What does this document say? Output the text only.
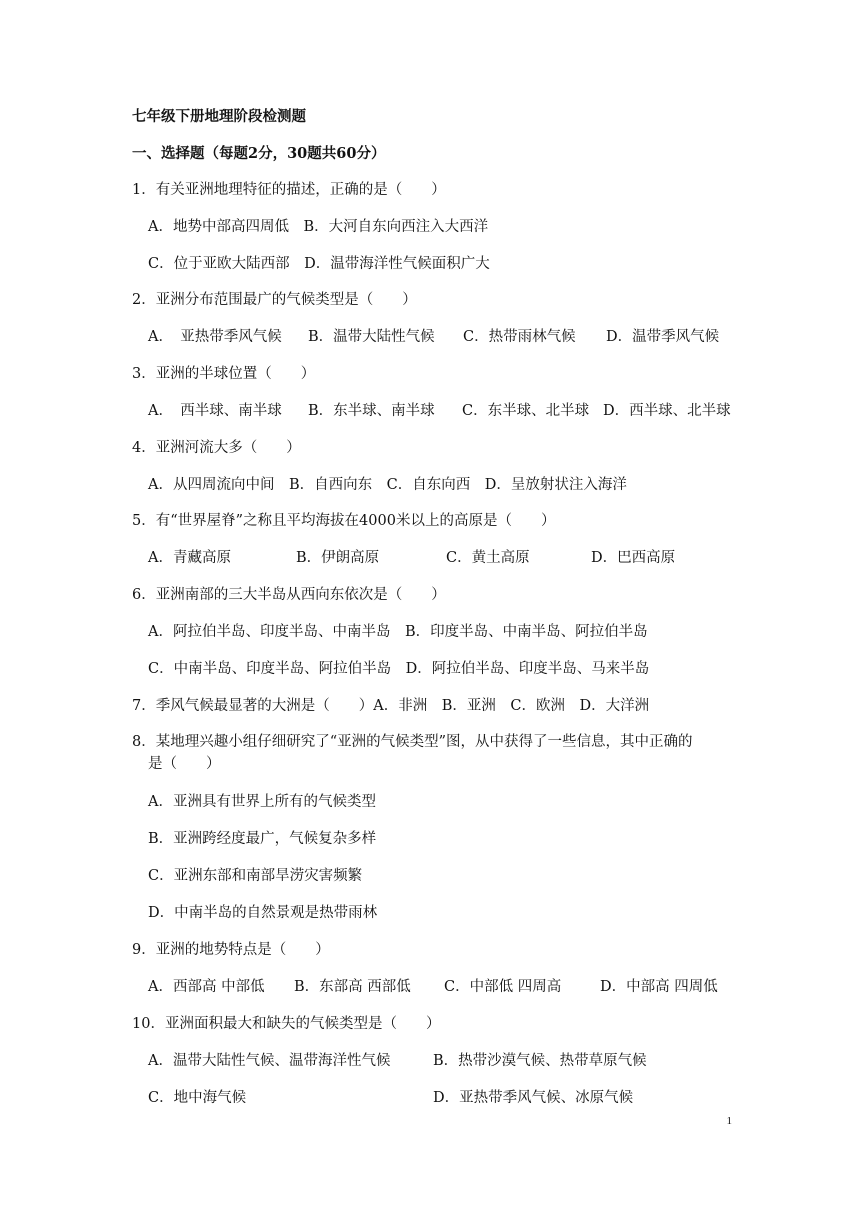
七年级下册地理阶段检测题
一、选择题（每题2分，30题共60分）
1．有关亚洲地理特征的描述，正确的是（　　）
A．地势中部高四周低　B．大河自东向西注入大西洋
C．位于亚欧大陆西部　D．温带海洋性气候面积广大
2．亚洲分布范围最广的气候类型是（　　）
A．　亚热带季风气候 B．温带大陆性气候 C．热带雨林气候 D．温带季风气候
3．亚洲的半球位置（　　）
A．　西半球、南半球 B．东半球、南半球 C．东半球、北半球 D．西半球、北半球
4．亚洲河流大多（　　）
A．从四周流向中间　B．自西向东　C．自东向西　D．呈放射状注入海洋
5．有“世界屋脊”之称且平均海拔在4000米以上的高原是（　　）
A．青藏高原	B．伊朗高原	C．黄土高原	D．巴西高原
6．亚洲南部的三大半岛从西向东依次是（　　）
A．阿拉伯半岛、印度半岛、中南半岛　B．印度半岛、中南半岛、阿拉伯半岛
C．中南半岛、印度半岛、阿拉伯半岛　D．阿拉伯半岛、印度半岛、马来半岛
7．季风气候最显著的大洲是（　　）A．非洲　B．亚洲　C．欧洲　D．大洋洲
8．某地理兴趣小组仔细研究了“亚洲的气候类型”图，从中获得了一些信息，其中正确的
是（　　）
A．亚洲具有世界上所有的气候类型
B．亚洲跨经度最广，气候复杂多样
C．亚洲东部和南部旱涝灾害频繁
D．中南半岛的自然景观是热带雨林
9．亚洲的地势特点是（　　）
A．西部高 中部低 B．东部高 西部低 C．中部低 四周高	D．中部高 四周低
10．亚洲面积最大和缺失的气候类型是（　　）
A．温带大陆性气候、温带海洋性气候	B．热带沙漠气候、热带草原气候
C．地中海气候	D．亚热带季风气候、冰原气候
1
